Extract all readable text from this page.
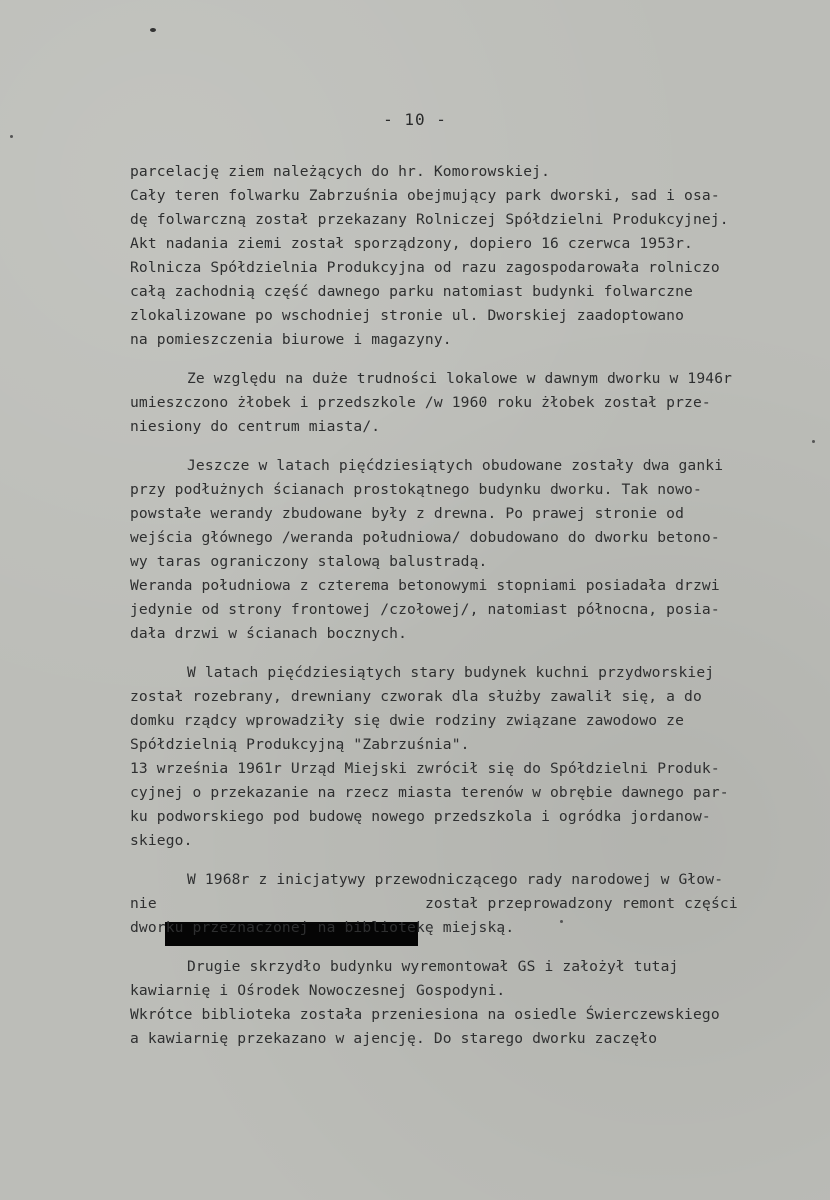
- 10 -
parcelację ziem należących do hr. Komorowskiej.
Cały teren folwarku Zabrzuśnia obejmujący park dworski, sad i osa-
dę folwarczną został przekazany Rolniczej Spółdzielni Produkcyjnej.
Akt nadania ziemi został sporządzony, dopiero 16 czerwca 1953r.
Rolnicza Spółdzielnia Produkcyjna od razu zagospodarowała rolniczo
całą zachodnią część dawnego parku natomiast budynki folwarczne
zlokalizowane po wschodniej stronie ul. Dworskiej zaadoptowano
na pomieszczenia biurowe i magazyny.
Ze względu na duże trudności lokalowe w dawnym dworku w 1946r
umieszczono żłobek i przedszkole /w 1960 roku żłobek został prze-
niesiony do centrum miasta/.
Jeszcze w latach pięćdziesiątych obudowane zostały dwa ganki
przy podłużnych ścianach prostokątnego budynku dworku. Tak nowo-
powstałe werandy zbudowane były z drewna. Po prawej stronie od
wejścia głównego /weranda południowa/ dobudowano do dworku betono-
wy taras ograniczony stalową balustradą.
Weranda południowa z czterema betonowymi stopniami posiadała drzwi
jedynie od strony frontowej /czołowej/, natomiast północna, posia-
dała drzwi w ścianach bocznych.
W latach pięćdziesiątych stary budynek kuchni przydworskiej
został rozebrany, drewniany czworak dla służby zawalił się, a do
domku rządcy wprowadziły się dwie rodziny związane zawodowo ze
Spółdzielnią Produkcyjną "Zabrzuśnia".
13 września 1961r Urząd Miejski zwrócił się do Spółdzielni Produk-
cyjnej o przekazanie na rzecz miasta terenów w obrębie dawnego par-
ku podworskiego pod budowę nowego przedszkola i ogródka jordanow-
skiego.
W 1968r z inicjatywy przewodniczącego rady narodowej w Głow-
nie	został przeprowadzony remont części
dworku przeznaczonej na bibliotekę miejską.
Drugie skrzydło budynku wyremontował GS i założył tutaj
kawiarnię i Ośrodek Nowoczesnej Gospodyni.
Wkrótce biblioteka została przeniesiona na osiedle Świerczewskiego
a kawiarnię przekazano w ajencję. Do starego dworku zaczęło
